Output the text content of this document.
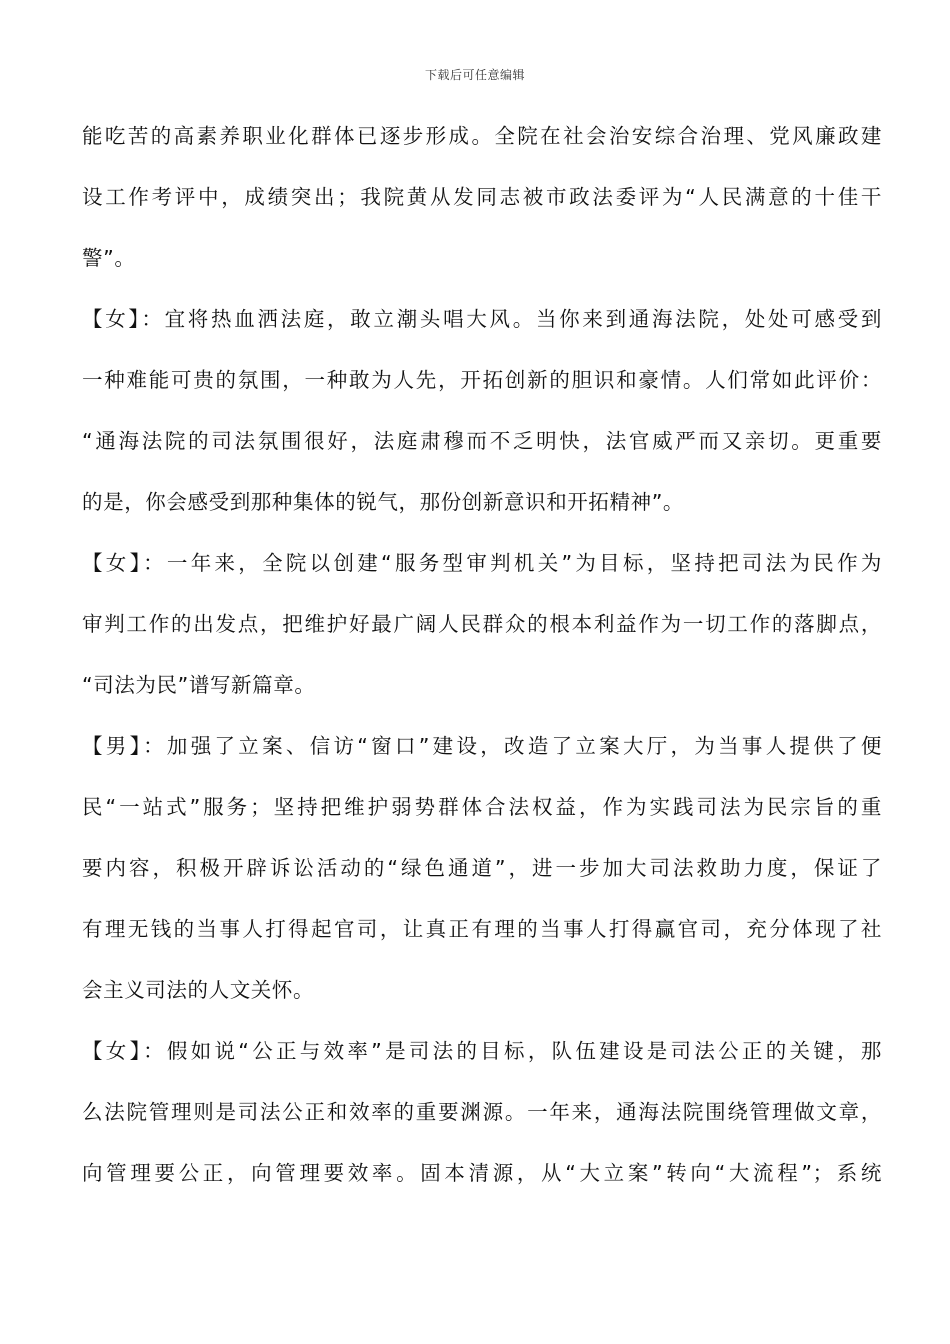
下载后可任意编辑
能吃苦的高素养职业化群体已逐步形成。全院在社会治安综合治理、党风廉政建
设工作考评中，成绩突出；我院黄从发同志被市政法委评为“人民满意的十佳干
警”。
【女】：宜将热血洒法庭，敢立潮头唱大风。当你来到通海法院，处处可感受到
一种难能可贵的氛围，一种敢为人先，开拓创新的胆识和豪情。人们常如此评价：
“通海法院的司法氛围很好，法庭肃穆而不乏明快，法官威严而又亲切。更重要
的是，你会感受到那种集体的锐气，那份创新意识和开拓精神”。
【女】：一年来，全院以创建“服务型审判机关”为目标，坚持把司法为民作为
审判工作的出发点，把维护好最广阔人民群众的根本利益作为一切工作的落脚点，
“司法为民”谱写新篇章。
【男】：加强了立案、信访“窗口”建设，改造了立案大厅，为当事人提供了便
民“一站式”服务；坚持把维护弱势群体合法权益，作为实践司法为民宗旨的重
要内容，积极开辟诉讼活动的“绿色通道”，进一步加大司法救助力度，保证了
有理无钱的当事人打得起官司，让真正有理的当事人打得赢官司，充分体现了社
会主义司法的人文关怀。
【女】：假如说“公正与效率”是司法的目标，队伍建设是司法公正的关键，那
么法院管理则是司法公正和效率的重要渊源。一年来，通海法院围绕管理做文章，
向管理要公正，向管理要效率。固本清源，从“大立案”转向“大流程”；系统
